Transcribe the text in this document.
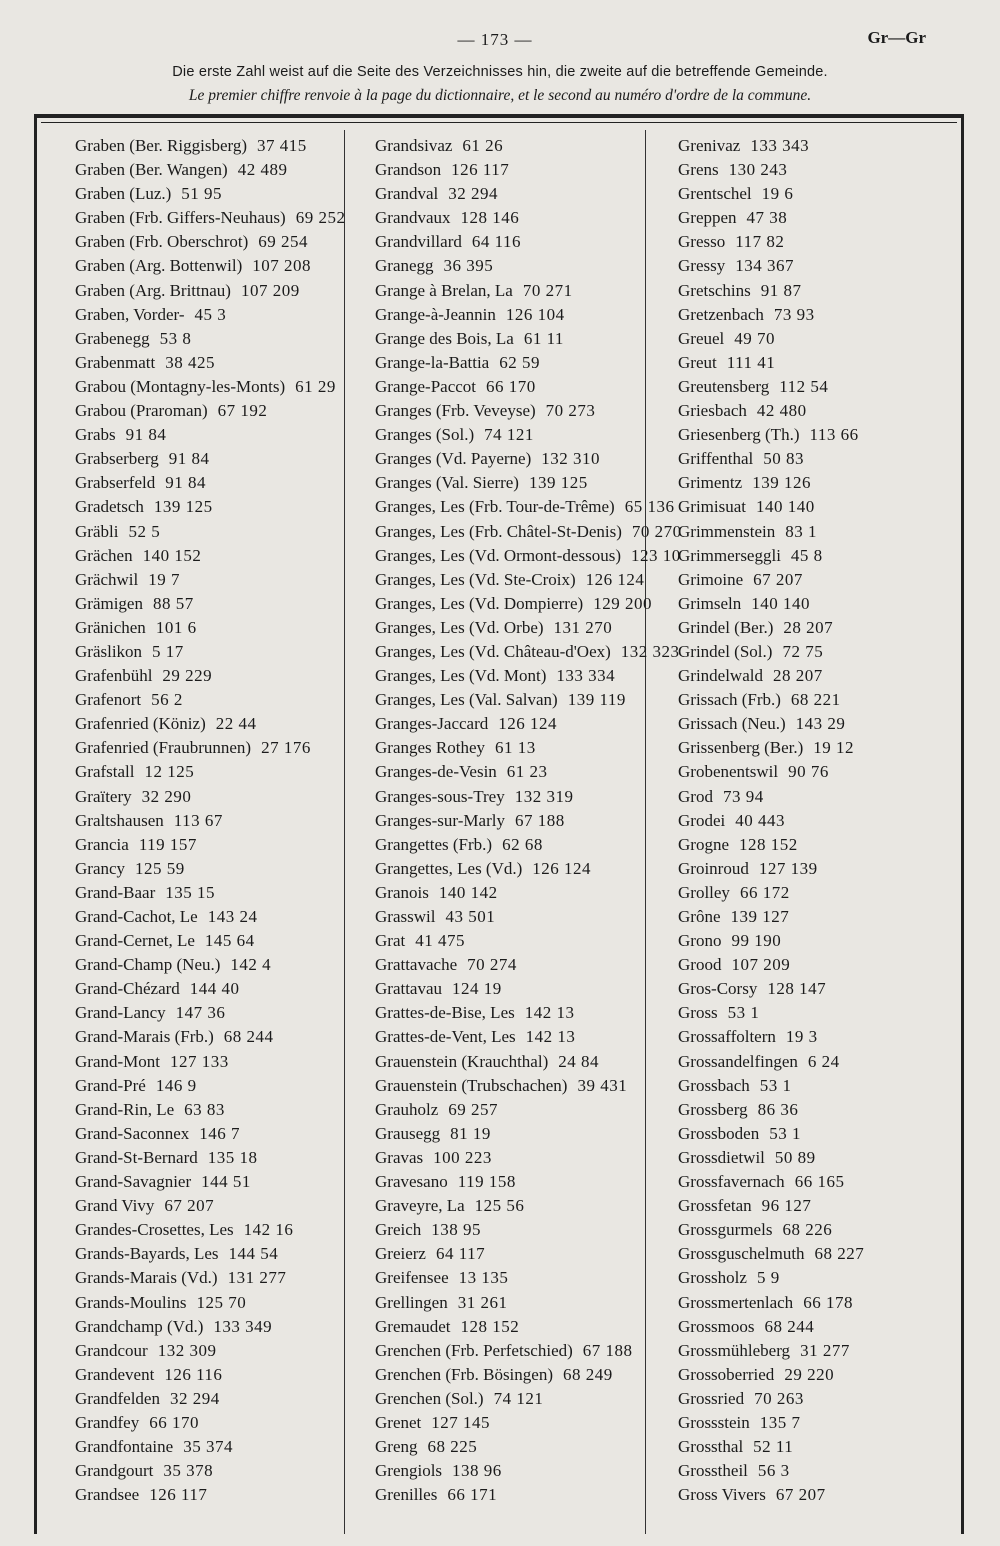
— 173 —	Gr—Gr
Die erste Zahl weist auf die Seite des Verzeichnisses hin, die zweite auf die betreffende Gemeinde.
Le premier chiffre renvoie à la page du dictionnaire, et le second au numéro d'ordre de la commune.
Graben (Ber. Riggisberg) 37 415
Graben (Ber. Wangen) 42 489
Graben (Luz.) 51 95
Graben (Frb. Giffers-Neuhaus) 69 252
Graben (Frb. Oberschrot) 69 254
Graben (Arg. Bottenwil) 107 208
Graben (Arg. Brittnau) 107 209
Graben, Vorder- 45 3
Grabenegg 53 8
Grabenmatt 38 425
Grabou (Montagny-les-Monts) 61 29
Grabou (Praroman) 67 192
Grabs 91 84
Grabserberg 91 84
Grabserfeld 91 84
Gradetsch 139 125
Gräbli 52 5
Grächen 140 152
Grächwil 19 7
Grämigen 88 57
Gränichen 101 6
Gräslikon 5 17
Grafenbühl 29 229
Grafenort 56 2
Grafenried (Köniz) 22 44
Grafenried (Fraubrunnen) 27 176
Grafstall 12 125
Graïtery 32 290
Graltshausen 113 67
Grancia 119 157
Grancy 125 59
Grand-Baar 135 15
Grand-Cachot, Le 143 24
Grand-Cernet, Le 145 64
Grand-Champ (Neu.) 142 4
Grand-Chézard 144 40
Grand-Lancy 147 36
Grand-Marais (Frb.) 68 244
Grand-Mont 127 133
Grand-Pré 146 9
Grand-Rin, Le 63 83
Grand-Saconnex 146 7
Grand-St-Bernard 135 18
Grand-Savagnier 144 51
Grand Vivy 67 207
Grandes-Crosettes, Les 142 16
Grands-Bayards, Les 144 54
Grands-Marais (Vd.) 131 277
Grands-Moulins 125 70
Grandchamp (Vd.) 133 349
Grandcour 132 309
Grandevent 126 116
Grandfelden 32 294
Grandfey 66 170
Grandfontaine 35 374
Grandgourt 35 378
Grandsee 126 117
Grandsivaz 61 26
Grandson 126 117
Grandval 32 294
Grandvaux 128 146
Grandvillard 64 116
Granegg 36 395
Grange à Brelan, La 70 271
Grange-à-Jeannin 126 104
Grange des Bois, La 61 11
Grange-la-Battia 62 59
Grange-Paccot 66 170
Granges (Frb. Veveyse) 70 273
Granges (Sol.) 74 121
Granges (Vd. Payerne) 132 310
Granges (Val. Sierre) 139 125
Granges, Les (Frb. Tour-de-Trême) 65 136
Granges, Les (Frb. Châtel-St-Denis) 70 270
Granges, Les (Vd. Ormont-dessous) 123 10
Granges, Les (Vd. Ste-Croix) 126 124
Granges, Les (Vd. Dompierre) 129 200
Granges, Les (Vd. Orbe) 131 270
Granges, Les (Vd. Château-d'Oex) 132 323
Granges, Les (Vd. Mont) 133 334
Granges, Les (Val. Salvan) 139 119
Granges-Jaccard 126 124
Granges Rothey 61 13
Granges-de-Vesin 61 23
Granges-sous-Trey 132 319
Granges-sur-Marly 67 188
Grangettes (Frb.) 62 68
Grangettes, Les (Vd.) 126 124
Granois 140 142
Grasswil 43 501
Grat 41 475
Grattavache 70 274
Grattavau 124 19
Grattes-de-Bise, Les 142 13
Grattes-de-Vent, Les 142 13
Grauenstein (Krauchthal) 24 84
Grauenstein (Trubschachen) 39 431
Grauholz 69 257
Grausegg 81 19
Gravas 100 223
Gravesano 119 158
Graveyre, La 125 56
Greich 138 95
Greierz 64 117
Greifensee 13 135
Grellingen 31 261
Gremaudet 128 152
Grenchen (Frb. Perfetschied) 67 188
Grenchen (Frb. Bösingen) 68 249
Grenchen (Sol.) 74 121
Grenet 127 145
Greng 68 225
Grengiols 138 96
Grenilles 66 171
Grenivaz 133 343
Grens 130 243
Grentschel 19 6
Greppen 47 38
Gresso 117 82
Gressy 134 367
Gretschins 91 87
Gretzenbach 73 93
Greuel 49 70
Greut 111 41
Greutensberg 112 54
Griesbach 42 480
Griesenberg (Th.) 113 66
Griffenthal 50 83
Grimentz 139 126
Grimisuat 140 140
Grimmenstein 83 1
Grimmerseggli 45 8
Grimoine 67 207
Grimseln 140 140
Grindel (Ber.) 28 207
Grindel (Sol.) 72 75
Grindelwald 28 207
Grissach (Frb.) 68 221
Grissach (Neu.) 143 29
Grissenberg (Ber.) 19 12
Grobenentswil 90 76
Grod 73 94
Grodei 40 443
Grogne 128 152
Groinroud 127 139
Grolley 66 172
Grône 139 127
Grono 99 190
Grood 107 209
Gros-Corsy 128 147
Gross 53 1
Grossaffoltern 19 3
Grossandelfingen 6 24
Grossbach 53 1
Grossberg 86 36
Grossboden 53 1
Grossdietwil 50 89
Grossfavernach 66 165
Grossfetan 96 127
Grossgurmels 68 226
Grossguschelmuth 68 227
Grossholz 5 9
Grossmertenlach 66 178
Grossmoos 68 244
Grossmühleberg 31 277
Grossoberried 29 220
Grossried 70 263
Grossstein 135 7
Grossthal 52 11
Grosstheil 56 3
Gross Vivers 67 207
